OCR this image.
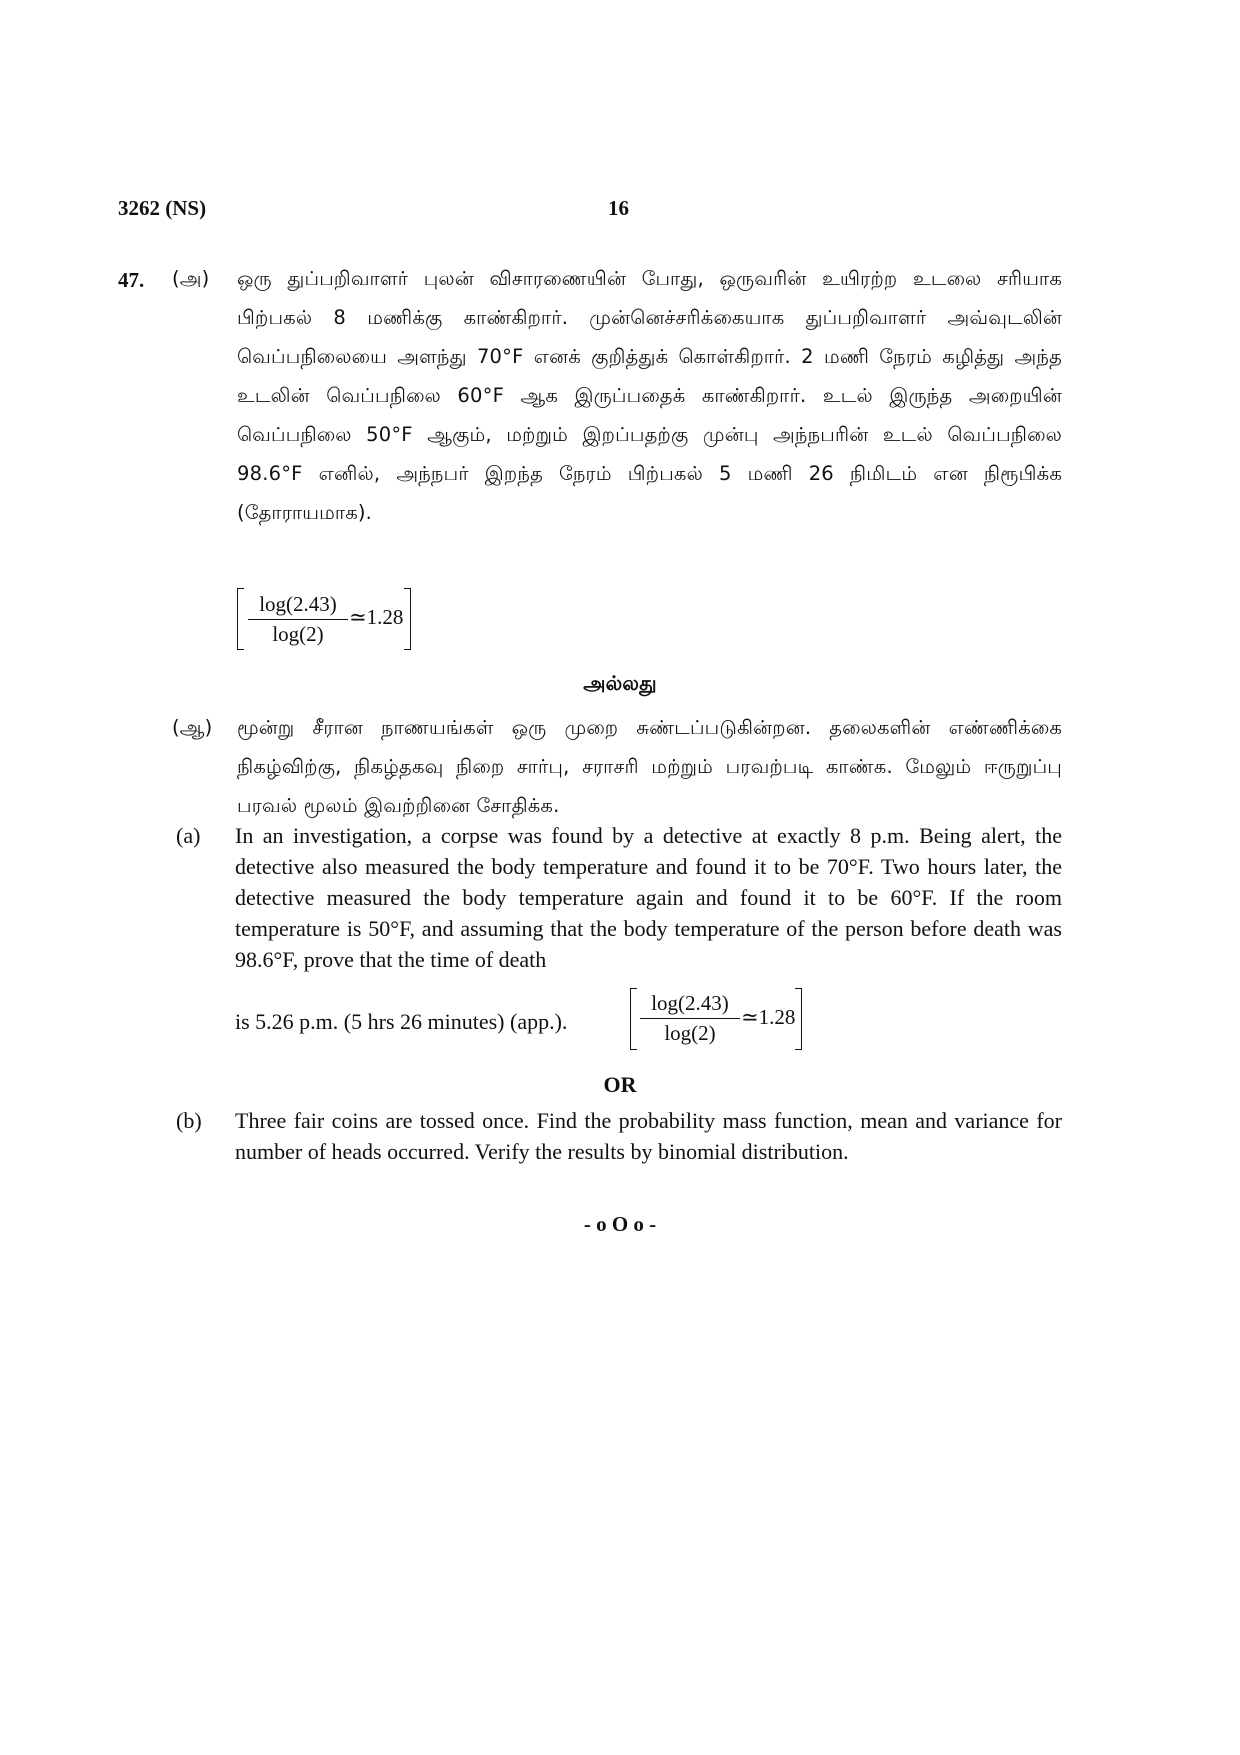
3262 (NS)	16
47. (அ) ஒரு துப்பறிவாளர் புலன் விசாரணையின் போது, ஒருவரின் உயிரற்ற உடலை சரியாக பிற்பகல் 8 மணிக்கு காண்கிறார். முன்னெச்சரிக்கையாக துப்பறிவாளர் அவ்வுடலின் வெப்பநிலையை அளந்து 70°F எனக் குறித்துக் கொள்கிறார். 2 மணி நேரம் கழித்து அந்த உடலின் வெப்பநிலை 60°F ஆக இருப்பதைக் காண்கிறார். உடல் இருந்த அறையின் வெப்பநிலை 50°F ஆகும், மற்றும் இறப்பதற்கு முன்பு அந்நபரின் உடல் வெப்பநிலை 98.6°F எனில், அந்நபர் இறந்த நேரம் பிற்பகல் 5 மணி 26 நிமிடம் என நிரூபிக்க (தோராயமாக).

$\frac{\log(2.43)}{\log(2)}$ ≃1.28
அல்லது
(ஆ) மூன்று சீரான நாணயங்கள் ஒரு முறை சுண்டப்படுகின்றன. தலைகளின் எண்ணிக்கை நிகழ்விற்கு, நிகழ்தகவு நிறை சார்பு, சராசரி மற்றும் பரவற்படி காண்க. மேலும் ஈருறுப்பு பரவல் மூலம் இவற்றினை சோதிக்க.

(a) In an investigation, a corpse was found by a detective at exactly 8 p.m. Being alert, the detective also measured the body temperature and found it to be 70°F. Two hours later, the detective measured the body temperature again and found it to be 60°F. If the room temperature is 50°F, and assuming that the body temperature of the person before death was 98.6°F, prove that the time of death

is 5.26 p.m. (5 hrs 26 minutes) (app.).	$\frac{\log(2.43)}{\log(2)}$ ≃1.28
OR
(b) Three fair coins are tossed once. Find the probability mass function, mean and variance for number of heads occurred. Verify the results by binomial distribution.

- o O o -
